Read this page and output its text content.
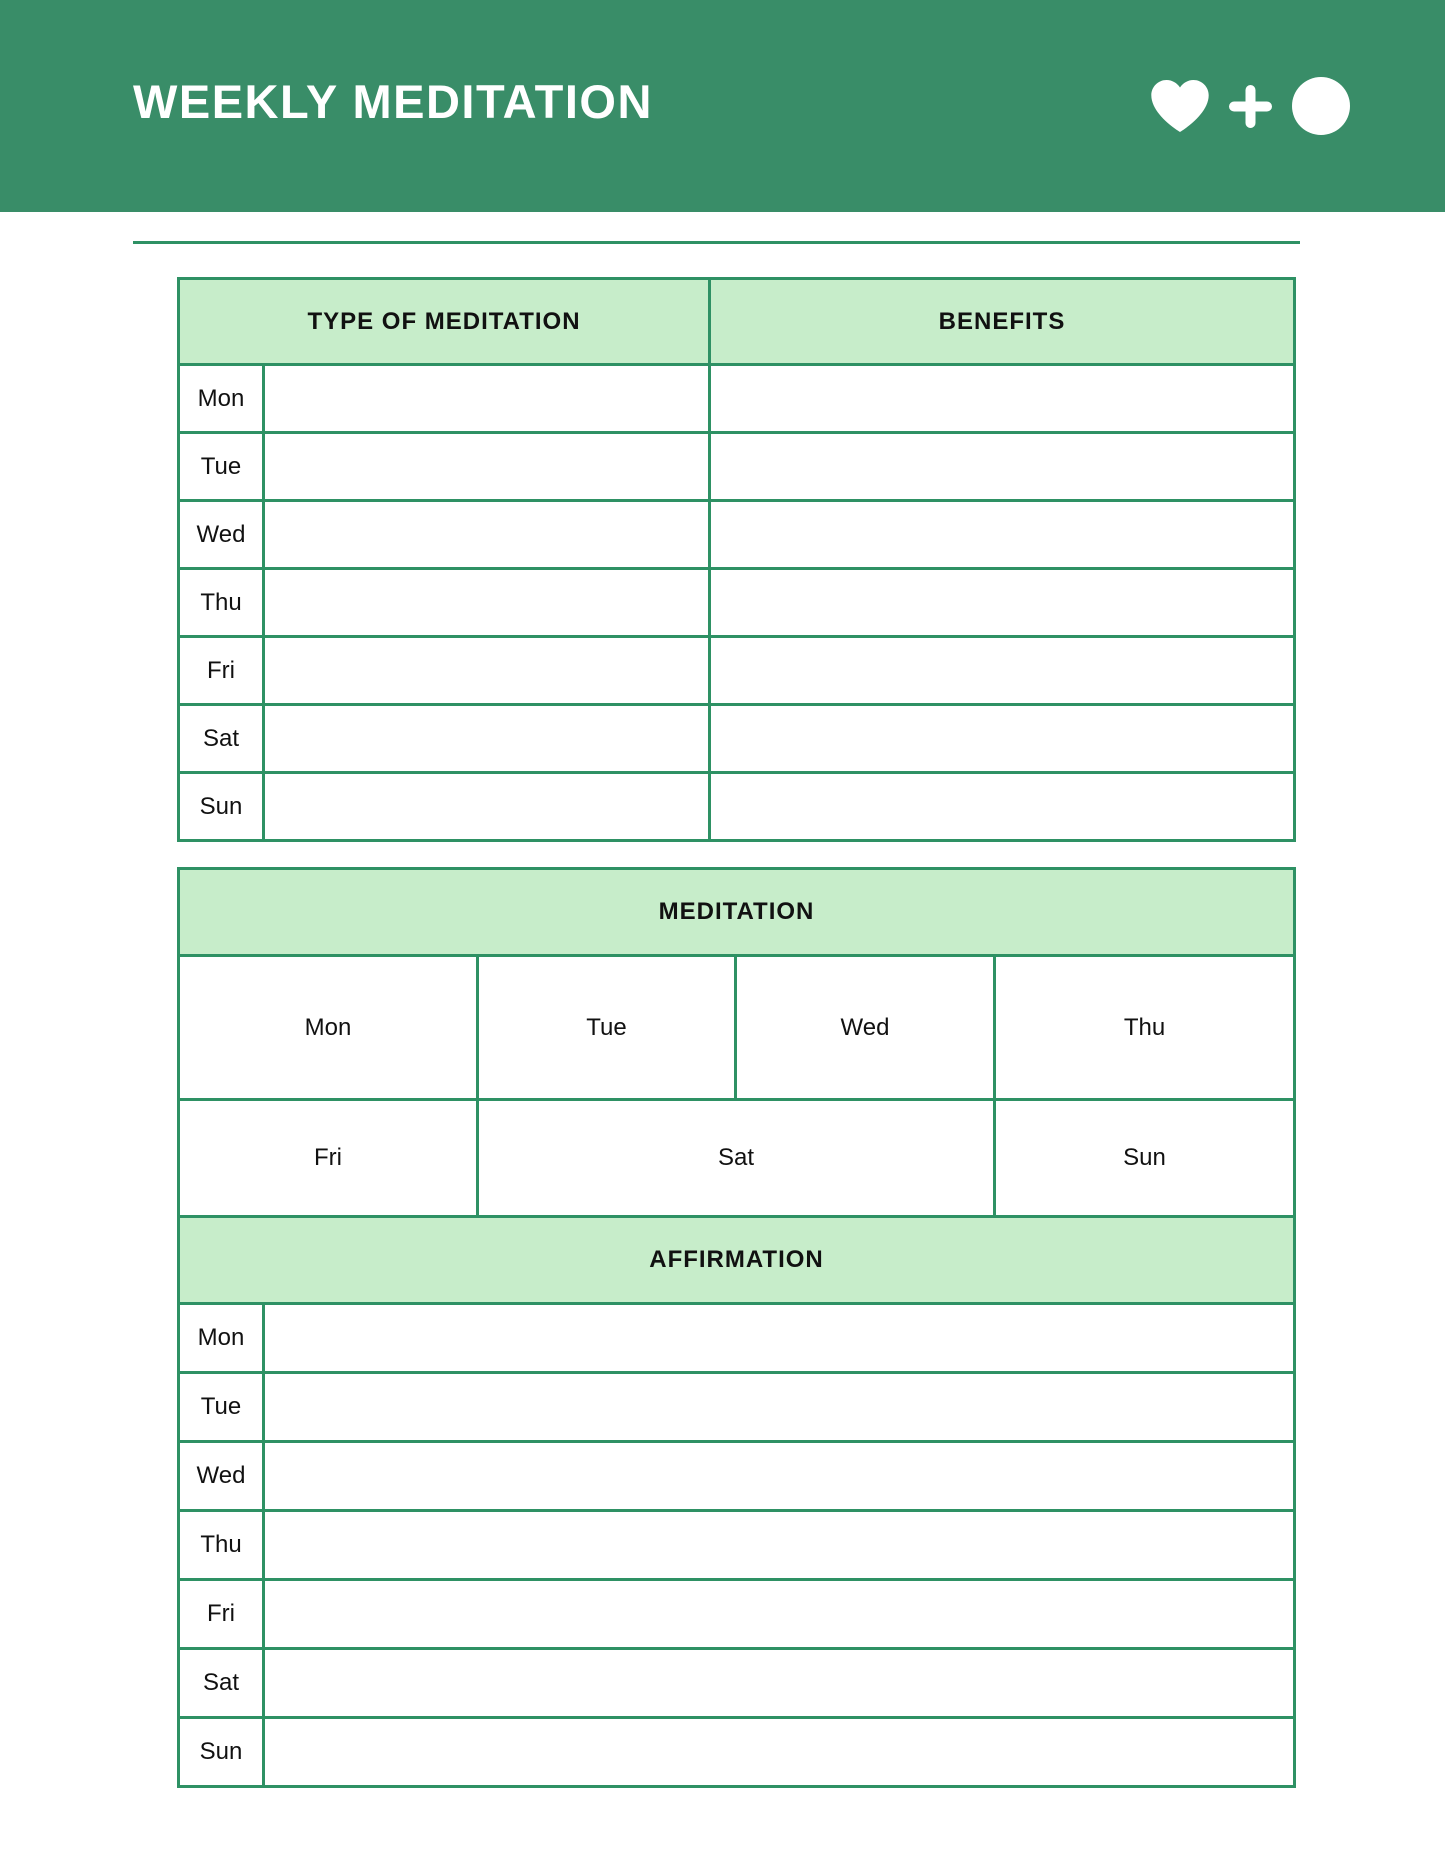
WEEKLY MEDITATION
TYPE OF MEDITATION	BENEFITS
Mon
Tue
Wed
Thu
Fri
Sat
Sun
MEDITATION
Mon	Tue	Wed	Thu
Fri	Sat	Sun
AFFIRMATION
Mon
Tue
Wed
Thu
Fri
Sat
Sun
